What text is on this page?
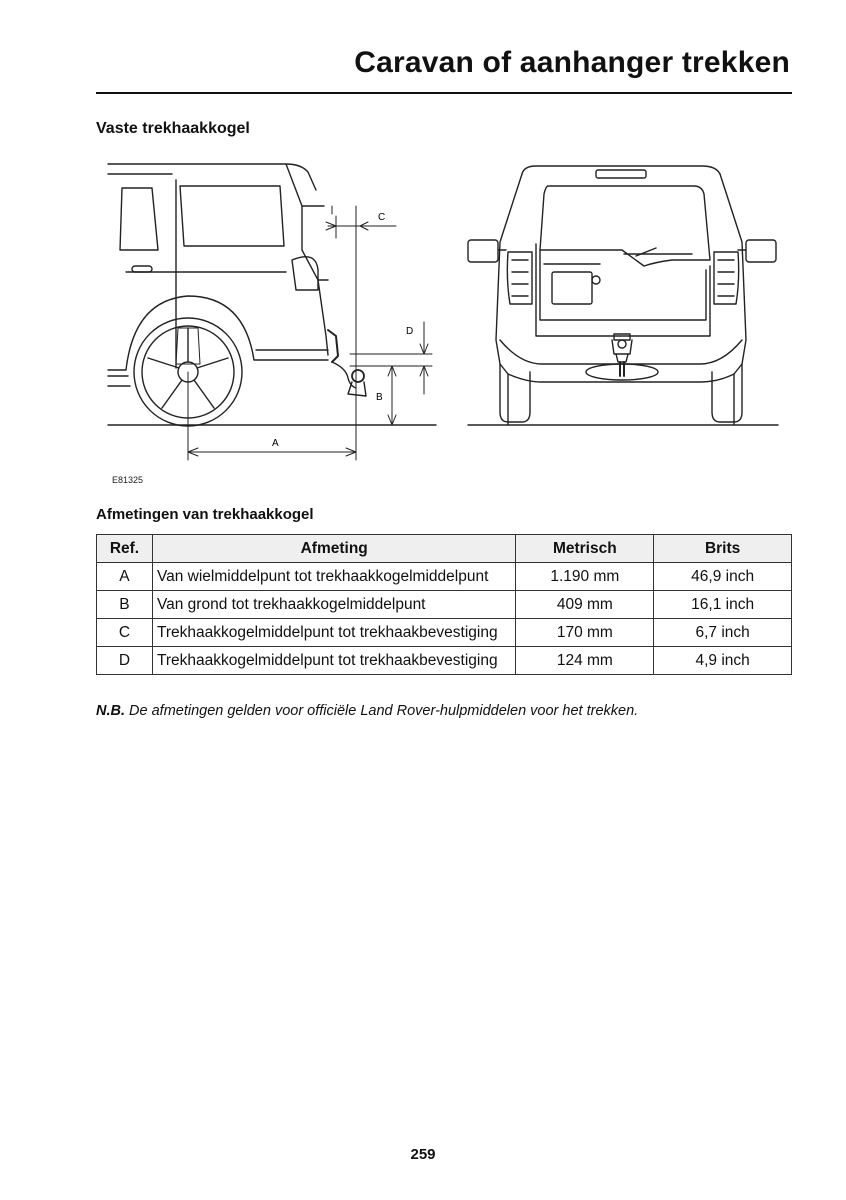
Caravan of aanhanger trekken
Vaste trekhaakkogel
A
B
C
D
E81325
Afmetingen van trekhaakkogel
Ref.	Afmeting	Metrisch	Brits
A	Van wielmiddelpunt tot trekhaakkogelmiddelpunt	1.190 mm	46,9 inch
B	Van grond tot trekhaakkogelmiddelpunt	409 mm	16,1 inch
C	Trekhaakkogelmiddelpunt tot trekhaakbevestiging	170 mm	6,7 inch
D	Trekhaakkogelmiddelpunt tot trekhaakbevestiging	124 mm	4,9 inch
N.B. De afmetingen gelden voor officiële Land Rover-hulpmiddelen voor het trekken.
259
